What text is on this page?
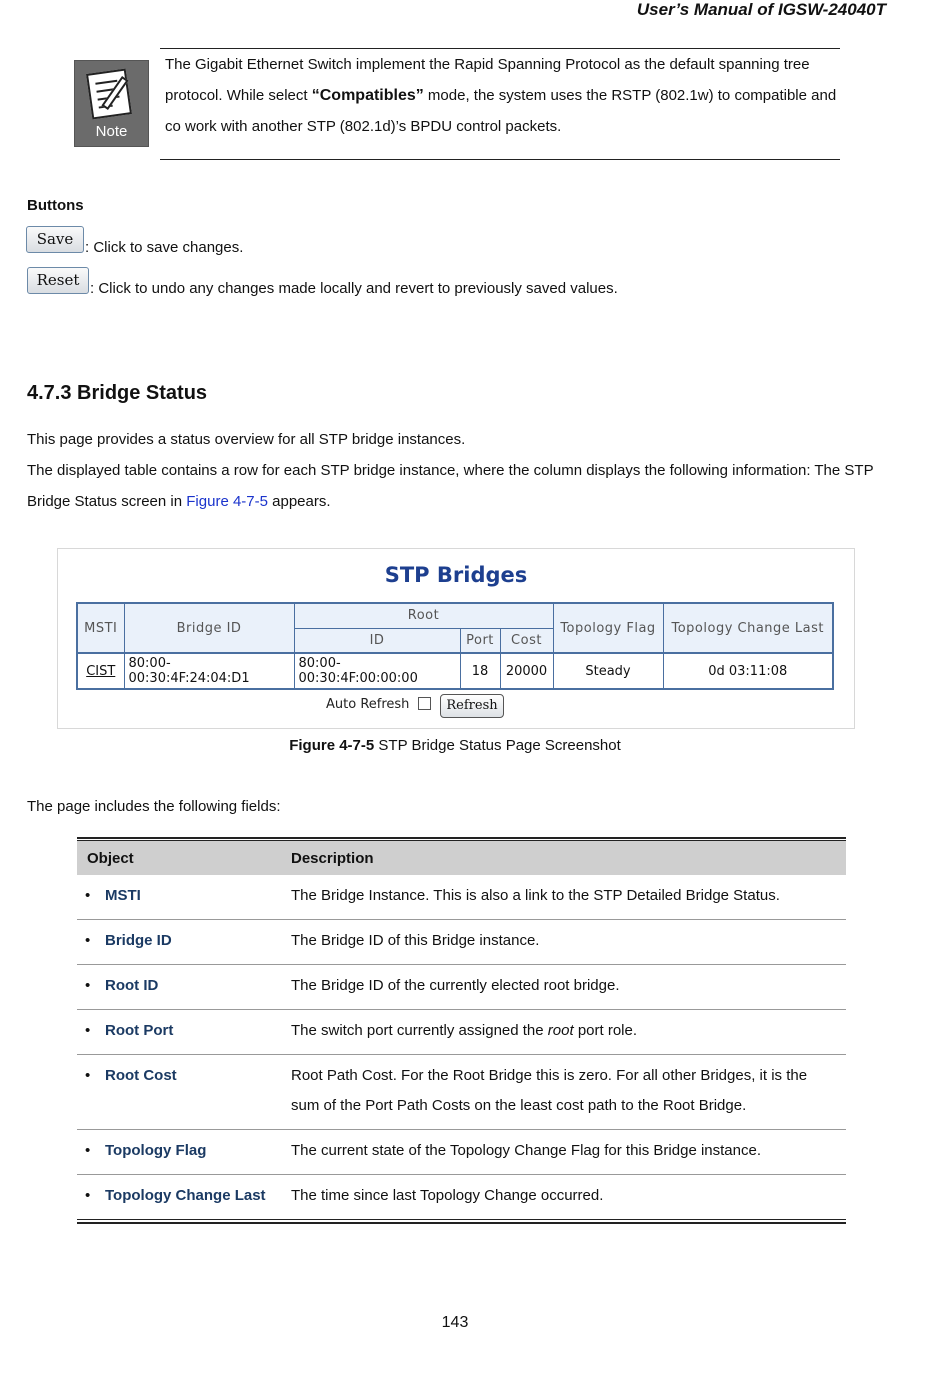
User’s Manual of IGSW-24040T
Note
The Gigabit Ethernet Switch implement the Rapid Spanning Protocol as the default spanning tree protocol. While select “Compatibles” mode, the system uses the RSTP (802.1w) to compatible and co work with another STP (802.1d)’s BPDU control packets.
Buttons
Save : Click to save changes.
Reset : Click to undo any changes made locally and revert to previously saved values.
4.7.3 Bridge Status
This page provides a status overview for all STP bridge instances.
The displayed table contains a row for each STP bridge instance, where the column displays the following information: The STP Bridge Status screen in Figure 4-7-5 appears.
STP Bridges
MSTI	Bridge ID	Root			Topology Flag	Topology Change Last
		ID	Port	Cost		
CIST	80:00-00:30:4F:24:04:D1	80:00-00:30:4F:00:00:00	18	20000	Steady	0d 03:11:08
Auto Refresh	Refresh
Figure 4-7-5 STP Bridge Status Page Screenshot
The page includes the following fields:
Object	Description
• MSTI	The Bridge Instance. This is also a link to the STP Detailed Bridge Status.
• Bridge ID	The Bridge ID of this Bridge instance.
• Root ID	The Bridge ID of the currently elected root bridge.
• Root Port	The switch port currently assigned the root port role.
• Root Cost	Root Path Cost. For the Root Bridge this is zero. For all other Bridges, it is the sum of the Port Path Costs on the least cost path to the Root Bridge.
• Topology Flag	The current state of the Topology Change Flag for this Bridge instance.
• Topology Change Last	The time since last Topology Change occurred.
143
